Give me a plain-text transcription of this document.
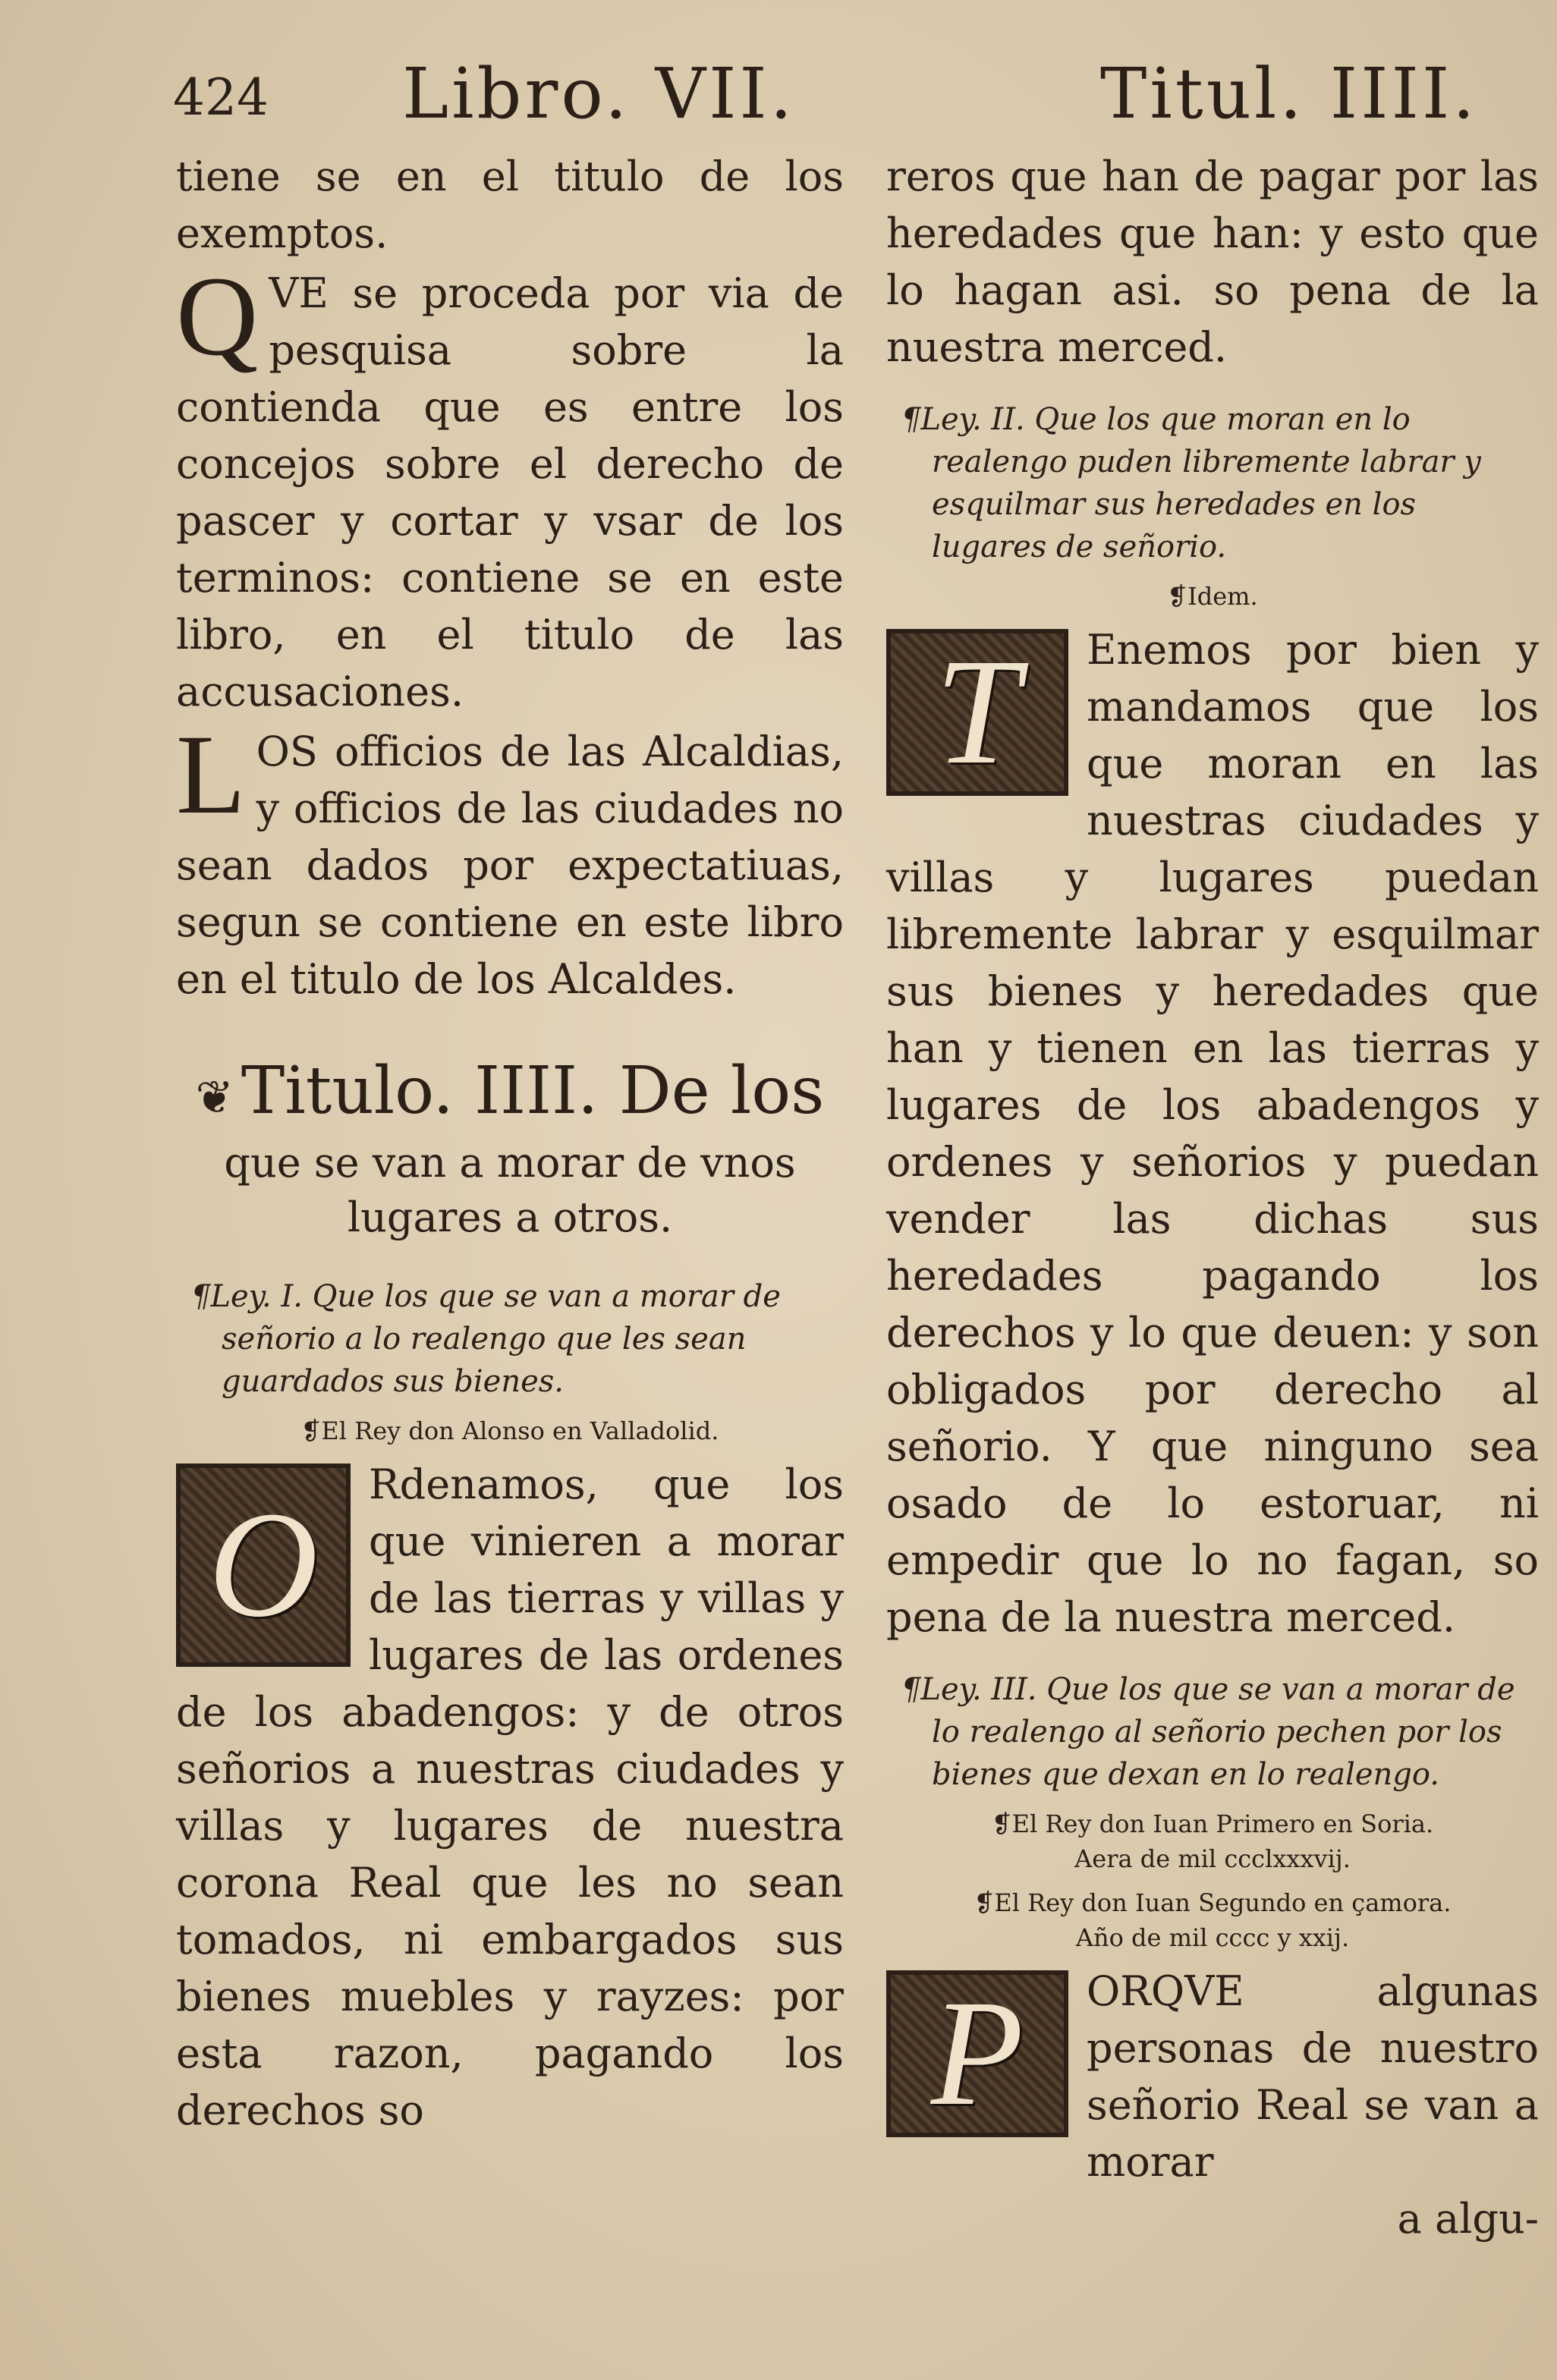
424 Libro. VII.	Titul. IIII.

tiene se en el titulo de los exemptos.

Q VE se proceda por via de pesquisa sobre la contienda que es entre los concejos sobre el derecho de pascer y cortar y vsar de los terminos: contiene se en este libro, en el titulo de las accusaciones.
L OS officios de las Alcaldias, y officios de las ciudades no sean dados por expectatiuas, segun se contiene en este libro en el titulo de los Alcaldes.
❦ Titulo. IIII. De los
que se van a morar de vnos
lugares a otros.

¶Ley. I. Que los que se van a morar de señorio a lo realengo que les sean guardados sus bienes.

❡El Rey don Alonso en Valladolid.

O Rdenamos, que los que vinieren a morar de las tierras y villas y lugares de las ordenes de los abadengos: y de otros señorios a nuestras ciudades y villas y lugares de nuestra corona Real que les no sean tomados, ni embargados sus bienes muebles y rayzes: por esta razon, pagando los derechos so

reros que han de pagar por las heredades que han: y esto que lo hagan asi. so pena de la nuestra merced.

¶Ley. II. Que los que moran en lo realengo puden libremente labrar y esquilmar sus heredades en los lugares de señorio.

❡Idem.

T Enemos por bien y mandamos que los que moran en las nuestras ciudades y villas y lugares puedan libremente labrar y esquilmar sus bienes y heredades que han y tienen en las tierras y lugares de los abadengos y ordenes y señorios y puedan vender las dichas sus heredades pagando los derechos y lo que deuen: y son obligados por derecho al señorio. Y que ninguno sea osado de lo estoruar, ni empedir que lo no fagan, so pena de la nuestra merced.

¶Ley. III. Que los que se van a morar de lo realengo al señorio pechen por los bienes que dexan en lo realengo.

❡El Rey don Iuan Primero en Soria.
Aera de mil ccclxxxvij.

❡El Rey don Iuan Segundo en çamora.
Año de mil cccc y xxij.

P ORQVE algunas personas de nuestro señorio Real se van a morar
a algu-
